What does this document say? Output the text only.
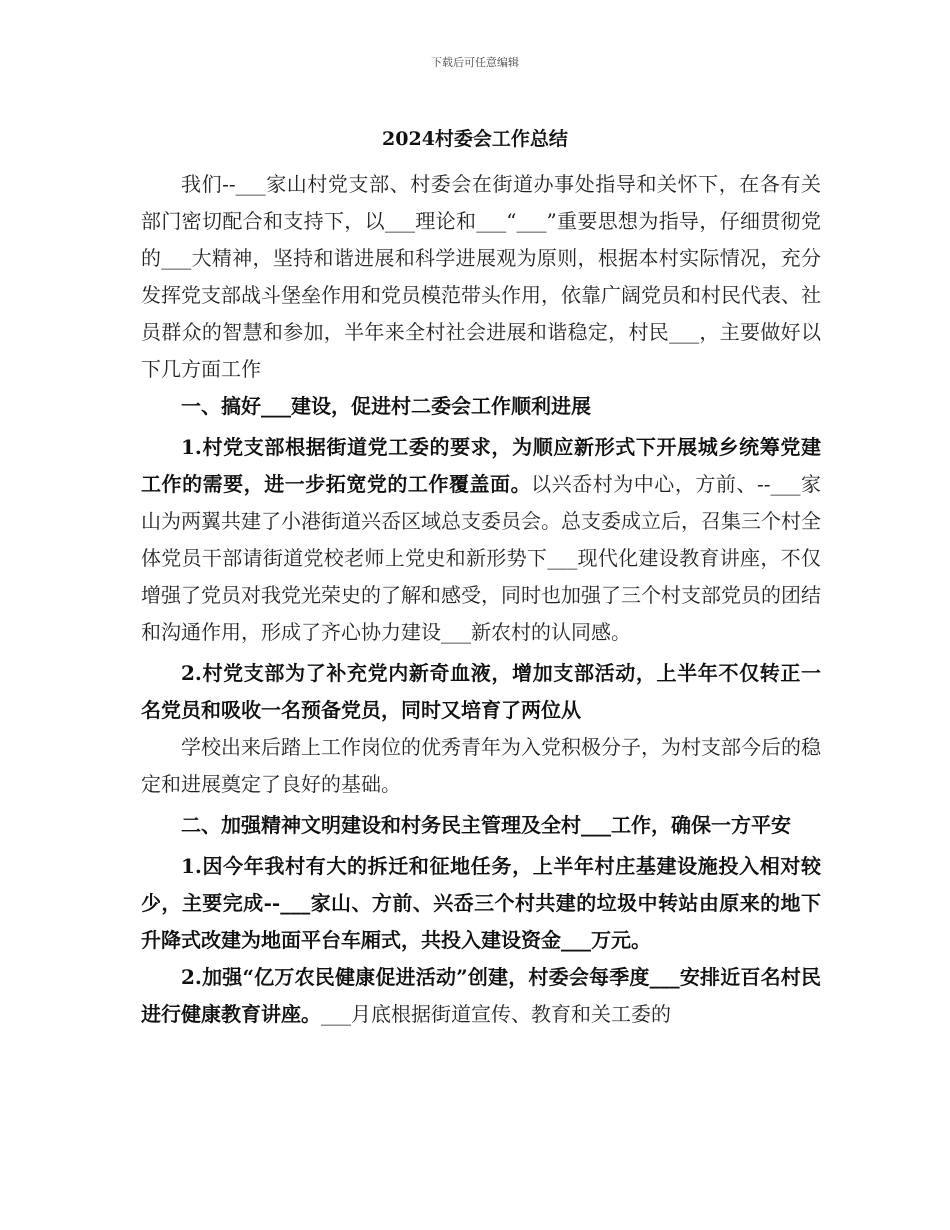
下载后可任意编辑
2024村委会工作总结

我们--___家山村党支部、村委会在街道办事处指导和关怀下，在各有关部门密切配合和支持下，以___理论和___“___”重要思想为指导，仔细贯彻党的___大精神，坚持和谐进展和科学进展观为原则，根据本村实际情况，充分发挥党支部战斗堡垒作用和党员模范带头作用，依靠广阔党员和村民代表、社员群众的智慧和参加，半年来全村社会进展和谐稳定，村民___，主要做好以下几方面工作

一、搞好___建设，促进村二委会工作顺利进展

1.村党支部根据街道党工委的要求，为顺应新形式下开展城乡统筹党建工作的需要，进一步拓宽党的工作覆盖面。以兴岙村为中心，方前、--___家山为两翼共建了小港街道兴岙区域总支委员会。总支委成立后，召集三个村全体党员干部请街道党校老师上党史和新形势下___现代化建设教育讲座，不仅增强了党员对我党光荣史的了解和感受，同时也加强了三个村支部党员的团结和沟通作用，形成了齐心协力建设___新农村的认同感。

2.村党支部为了补充党内新奇血液，增加支部活动，上半年不仅转正一名党员和吸收一名预备党员，同时又培育了两位从

学校出来后踏上工作岗位的优秀青年为入党积极分子，为村支部今后的稳定和进展奠定了良好的基础。

二、加强精神文明建设和村务民主管理及全村___工作，确保一方平安

1.因今年我村有大的拆迁和征地任务，上半年村庄基建设施投入相对较少，主要完成--___家山、方前、兴岙三个村共建的垃圾中转站由原来的地下升降式改建为地面平台车厢式，共投入建设资金___万元。

2.加强“亿万农民健康促进活动”创建，村委会每季度___安排近百名村民进行健康教育讲座。___月底根据街道宣传、教育和关工委的
